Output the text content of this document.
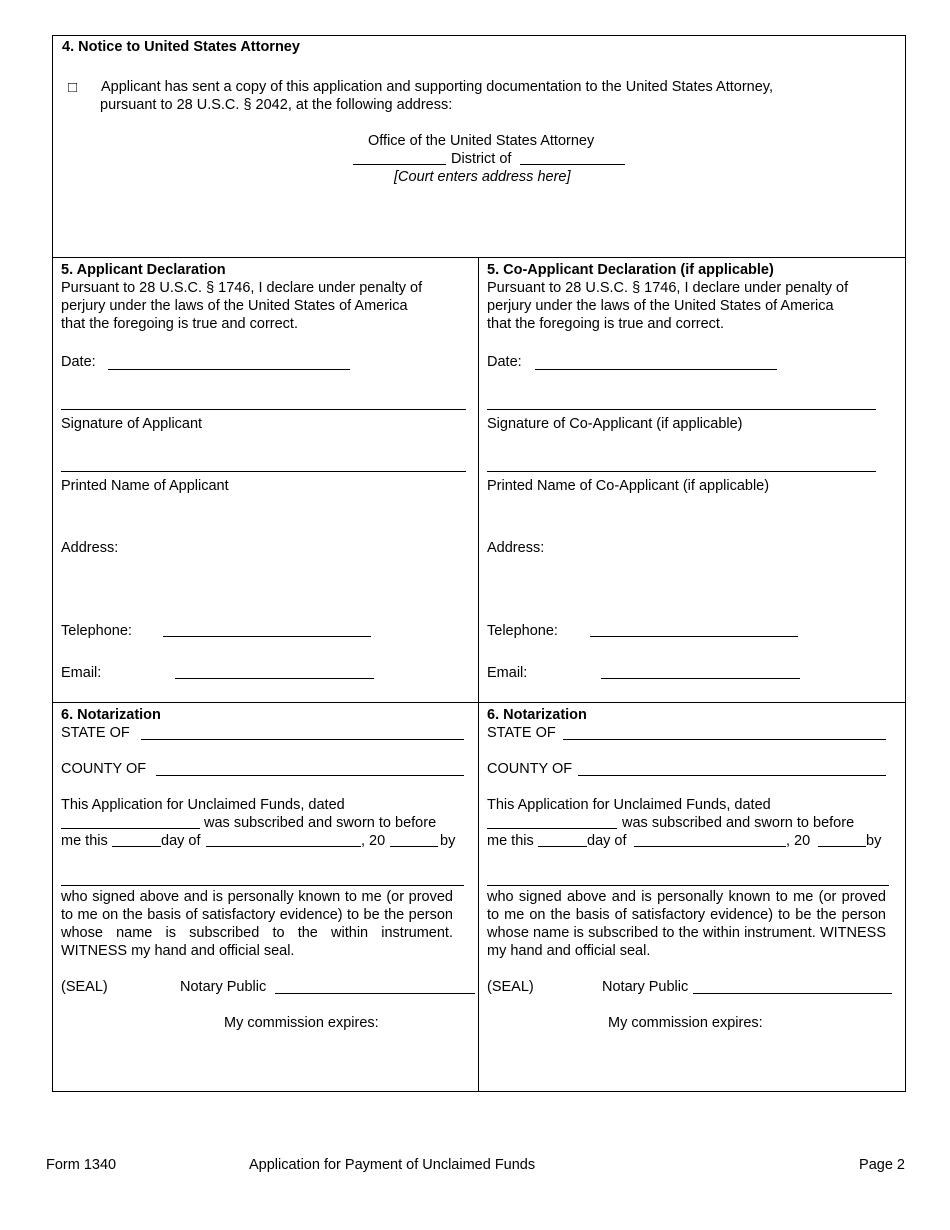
4. Notice to United States Attorney
□ Applicant has sent a copy of this application and supporting documentation to the United States Attorney,
pursuant to 28 U.S.C. § 2042, at the following address:
Office of the United States Attorney
District of
[Court enters address here]
5. Applicant Declaration
Pursuant to 28 U.S.C. § 1746, I declare under penalty of
perjury under the laws of the United States of America
that the foregoing is true and correct.
Date:
Signature of Applicant
Printed Name of Applicant
Address:
Telephone:
Email:
5. Co-Applicant Declaration (if applicable)
Pursuant to 28 U.S.C. § 1746, I declare under penalty of
perjury under the laws of the United States of America
that the foregoing is true and correct.
Date:
Signature of Co-Applicant (if applicable)
Printed Name of Co-Applicant (if applicable)
Address:
Telephone:
Email:
6. Notarization
STATE OF
COUNTY OF
This Application for Unclaimed Funds, dated
was subscribed and sworn to before
me this	day of	, 20	by
who signed above and is personally known to me (or proved to me on the basis of satisfactory evidence) to be the person whose name is subscribed to the within instrument. WITNESS my hand and official seal.
(SEAL)	Notary Public
My commission expires:
6. Notarization
STATE OF
COUNTY OF
This Application for Unclaimed Funds, dated
was subscribed and sworn to before
me this	day of	, 20	by
who signed above and is personally known to me (or proved to me on the basis of satisfactory evidence) to be the person whose name is subscribed to the within instrument. WITNESS my hand and official seal.
(SEAL)	Notary Public
My commission expires:
Form 1340	Application for Payment of Unclaimed Funds	Page 2
